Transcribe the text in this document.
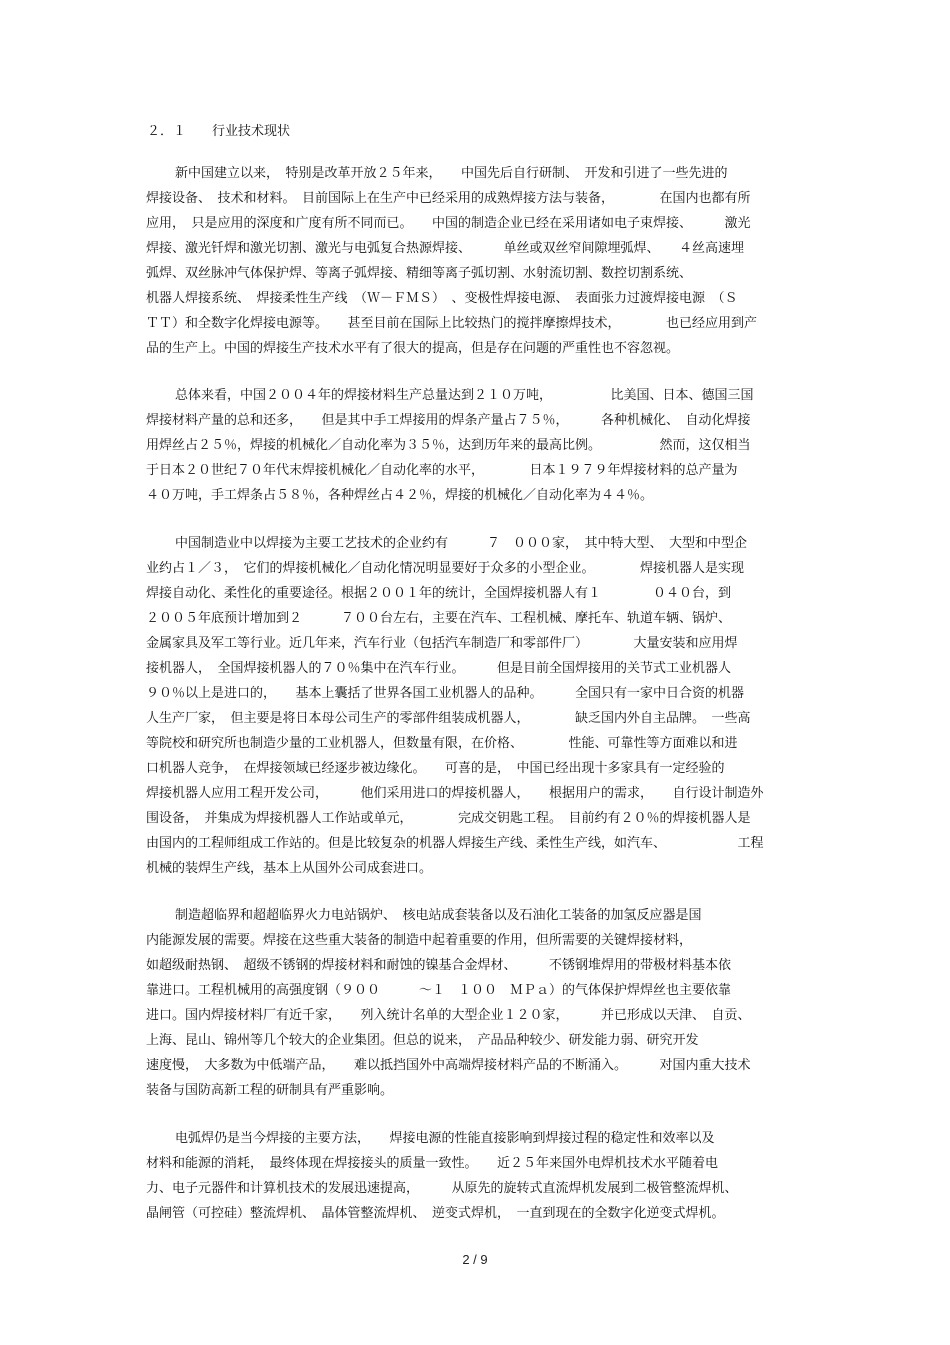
２．１　　行业技术现状
新中国建立以来，　特别是改革开放２５年来，　　中国先后自行研制、　开发和引进了一些先进的
焊接设备、　技术和材料。　目前国际上在生产中已经采用的成熟焊接方法与装备，　　　　在国内也都有所
应用，　只是应用的深度和广度有所不同而已。　　中国的制造企业已经在采用诸如电子束焊接、　　　激光
焊接、激光钎焊和激光切割、激光与电弧复合热源焊接、　　　单丝或双丝窄间隙埋弧焊、　　４丝高速埋
弧焊、双丝脉冲气体保护焊、等离子弧焊接、精细等离子弧切割、水射流切割、数控切割系统、
机器人焊接系统、　焊接柔性生产线　（Ｗ－ＦＭＳ）　、变极性焊接电源、　表面张力过渡焊接电源　（Ｓ
ＴＴ）和全数字化焊接电源等。　　甚至目前在国际上比较热门的搅拌摩擦焊技术，　　　　也已经应用到产
品的生产上。中国的焊接生产技术水平有了很大的提高，但是存在问题的严重性也不容忽视。
总体来看，中国２００４年的焊接材料生产总量达到２１０万吨，　　　　　比美国、日本、德国三国
焊接材料产量的总和还多，　　但是其中手工焊接用的焊条产量占７５％，　　　各种机械化、　自动化焊接
用焊丝占２５％，焊接的机械化／自动化率为３５％，达到历年来的最高比例。　　　　　然而，这仅相当
于日本２０世纪７０年代末焊接机械化／自动化率的水平，　　　　日本１９７９年焊接材料的总产量为
４０万吨，手工焊条占５８％，各种焊丝占４２％，焊接的机械化／自动化率为４４％。
中国制造业中以焊接为主要工艺技术的企业约有　　　７　０００家，　其中特大型、　大型和中型企
业约占１／３，　它们的焊接机械化／自动化情况明显要好于众多的小型企业。　　　　焊接机器人是实现
焊接自动化、柔性化的重要途径。根据２００１年的统计，全国焊接机器人有１　　　　０４０台，到
２００５年底预计增加到２　　　７００台左右，主要在汽车、工程机械、摩托车、轨道车辆、锅炉、
金属家具及军工等行业。近几年来，汽车行业（包括汽车制造厂和零部件厂）　　　　大量安装和应用焊
接机器人，　全国焊接机器人的７０％集中在汽车行业。　　　但是目前全国焊接用的关节式工业机器人
９０％以上是进口的，　　基本上囊括了世界各国工业机器人的品种。　　　全国只有一家中日合资的机器
人生产厂家，　但主要是将日本母公司生产的零部件组装成机器人，　　　　缺乏国内外自主品牌。　一些高
等院校和研究所也制造少量的工业机器人，但数量有限，在价格、　　　　性能、可靠性等方面难以和进
口机器人竞争，　在焊接领域已经逐步被边缘化。　　可喜的是，　中国已经出现十多家具有一定经验的
焊接机器人应用工程开发公司，　　　他们采用进口的焊接机器人，　　根据用户的需求，　　自行设计制造外
围设备，　并集成为焊接机器人工作站或单元，　　　　完成交钥匙工程。　目前约有２０％的焊接机器人是
由国内的工程师组成工作站的。但是比较复杂的机器人焊接生产线、柔性生产线，如汽车、　　　　　　工程
机械的装焊生产线，基本上从国外公司成套进口。
制造超临界和超超临界火力电站锅炉、　核电站成套装备以及石油化工装备的加氢反应器是国
内能源发展的需要。焊接在这些重大装备的制造中起着重要的作用，但所需要的关键焊接材料，
如超级耐热钢、　超级不锈钢的焊接材料和耐蚀的镍基合金焊材、　　　不锈钢堆焊用的带极材料基本依
靠进口。工程机械用的高强度钢（９００　　　～１　１００　ＭＰａ）的气体保护焊焊丝也主要依靠
进口。国内焊接材料厂有近千家，　　列入统计名单的大型企业１２０家，　　　并已形成以天津、　自贡、
上海、昆山、锦州等几个较大的企业集团。但总的说来，　产品品种较少、研发能力弱、研究开发
速度慢，　大多数为中低端产品，　　难以抵挡国外中高端焊接材料产品的不断涌入。　　　对国内重大技术
装备与国防高新工程的研制具有严重影响。
电弧焊仍是当今焊接的主要方法，　　焊接电源的性能直接影响到焊接过程的稳定性和效率以及
材料和能源的消耗，　最终体现在焊接接头的质量一致性。　　近２５年来国外电焊机技术水平随着电
力、电子元器件和计算机技术的发展迅速提高，　　　从原先的旋转式直流焊机发展到二极管整流焊机、
晶闸管（可控硅）整流焊机、　晶体管整流焊机、　逆变式焊机，　一直到现在的全数字化逆变式焊机。
2 / 9
